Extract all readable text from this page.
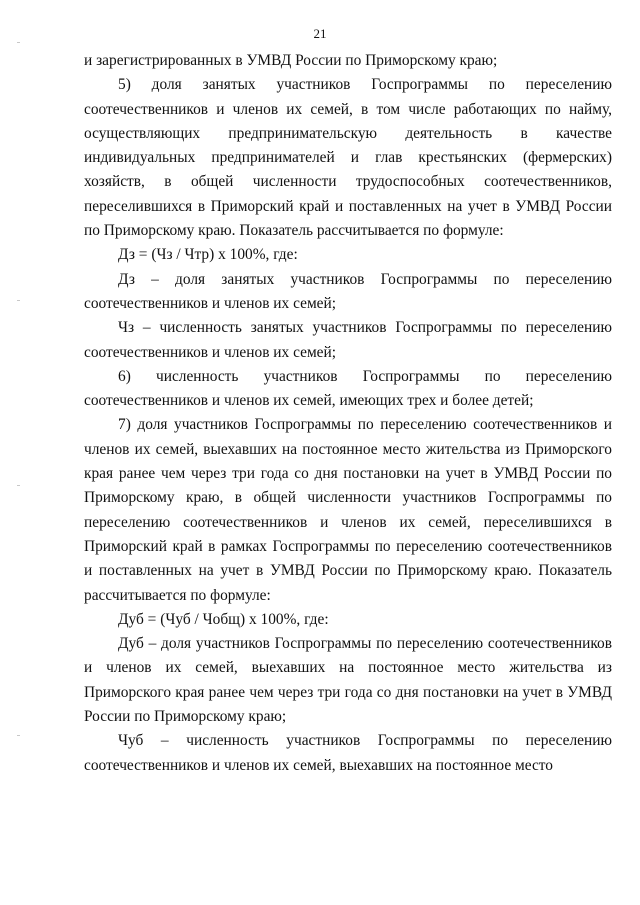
21

и зарегистрированных в УМВД России по Приморскому краю;

5) доля занятых участников Госпрограммы по переселению соотечественников и членов их семей, в том числе работающих по найму, осуществляющих предпринимательскую деятельность в качестве индивидуальных предпринимателей и глав крестьянских (фермерских) хозяйств, в общей численности трудоспособных соотечественников, переселившихся в Приморский край и поставленных на учет в УМВД России по Приморскому краю. Показатель рассчитывается по формуле:

Дз = (Чз / Чтр) х 100%, где:

Дз – доля занятых участников Госпрограммы по переселению соотечественников и членов их семей;

Чз – численность занятых участников Госпрограммы по переселению соотечественников и членов их семей;

6) численность участников Госпрограммы по переселению соотечественников и членов их семей, имеющих трех и более детей;

7) доля участников Госпрограммы по переселению соотечественников и членов их семей, выехавших на постоянное место жительства из Приморского края ранее чем через три года со дня постановки на учет в УМВД России по Приморскому краю, в общей численности участников Госпрограммы по переселению соотечественников и членов их семей, переселившихся в Приморский край в рамках Госпрограммы по переселению соотечественников и поставленных на учет в УМВД России по Приморскому краю. Показатель рассчитывается по формуле:

Дуб = (Чуб / Чобщ) х 100%, где:

Дуб – доля участников Госпрограммы по переселению соотечественников и членов их семей, выехавших на постоянное место жительства из Приморского края ранее чем через три года со дня постановки на учет в УМВД России по Приморскому краю;

Чуб – численность участников Госпрограммы по переселению соотечественников и членов их семей, выехавших на постоянное место
